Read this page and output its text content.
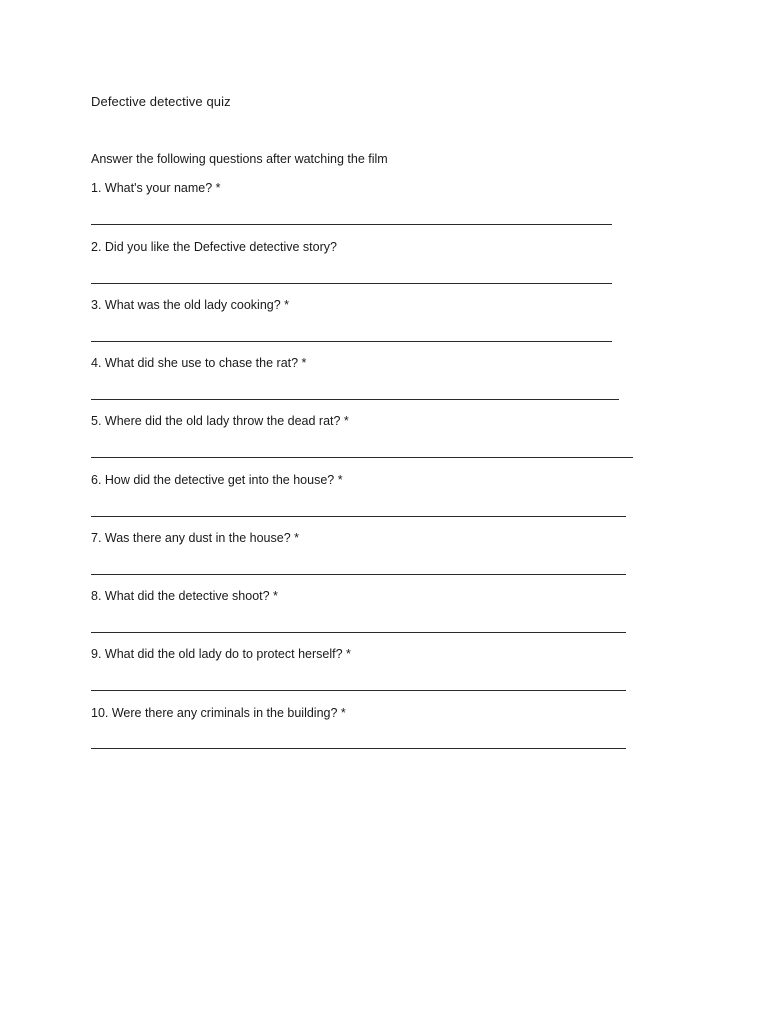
Defective detective quiz
Answer the following questions after watching the film
1. What's your name? *
2. Did you like the Defective detective story?
3. What was the old lady cooking? *
4. What did she use to chase the rat? *
5. Where did the old lady throw the dead rat? *
6. How did the detective get into the house? *
7. Was there any dust in the house? *
8. What did the detective shoot? *
9. What did the old lady do to protect herself? *
10. Were there any criminals in the building? *
